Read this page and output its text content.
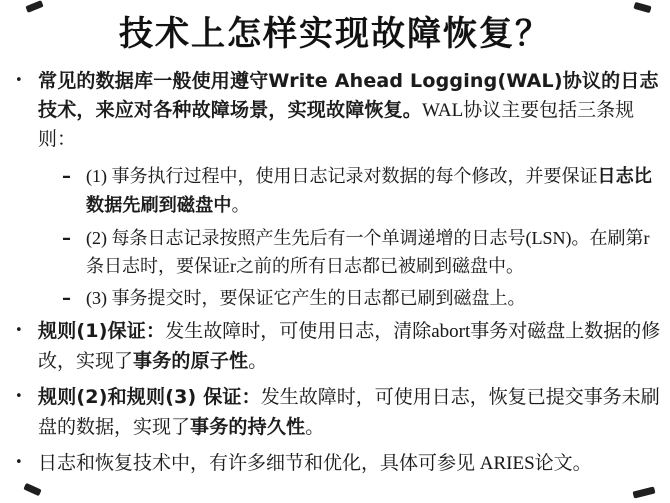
技术上怎样实现故障恢复？
• 常见的数据库一般使用遵守Write Ahead Logging(WAL)协议的日志技术，来应对各种故障场景，实现故障恢复。WAL协议主要包括三条规则：
– (1) 事务执行过程中，使用日志记录对数据的每个修改，并要保证日志比数据先刷到磁盘中。
– (2) 每条日志记录按照产生先后有一个单调递增的日志号(LSN)。在刷第r条日志时，要保证r之前的所有日志都已被刷到磁盘中。
– (3) 事务提交时，要保证它产生的日志都已刷到磁盘上。
• 规则(1)保证：发生故障时，可使用日志，清除abort事务对磁盘上数据的修改，实现了事务的原子性。
• 规则(2)和规则(3) 保证：发生故障时，可使用日志，恢复已提交事务未刷盘的数据，实现了事务的持久性。
• 日志和恢复技术中，有许多细节和优化，具体可参见 ARIES论文。
